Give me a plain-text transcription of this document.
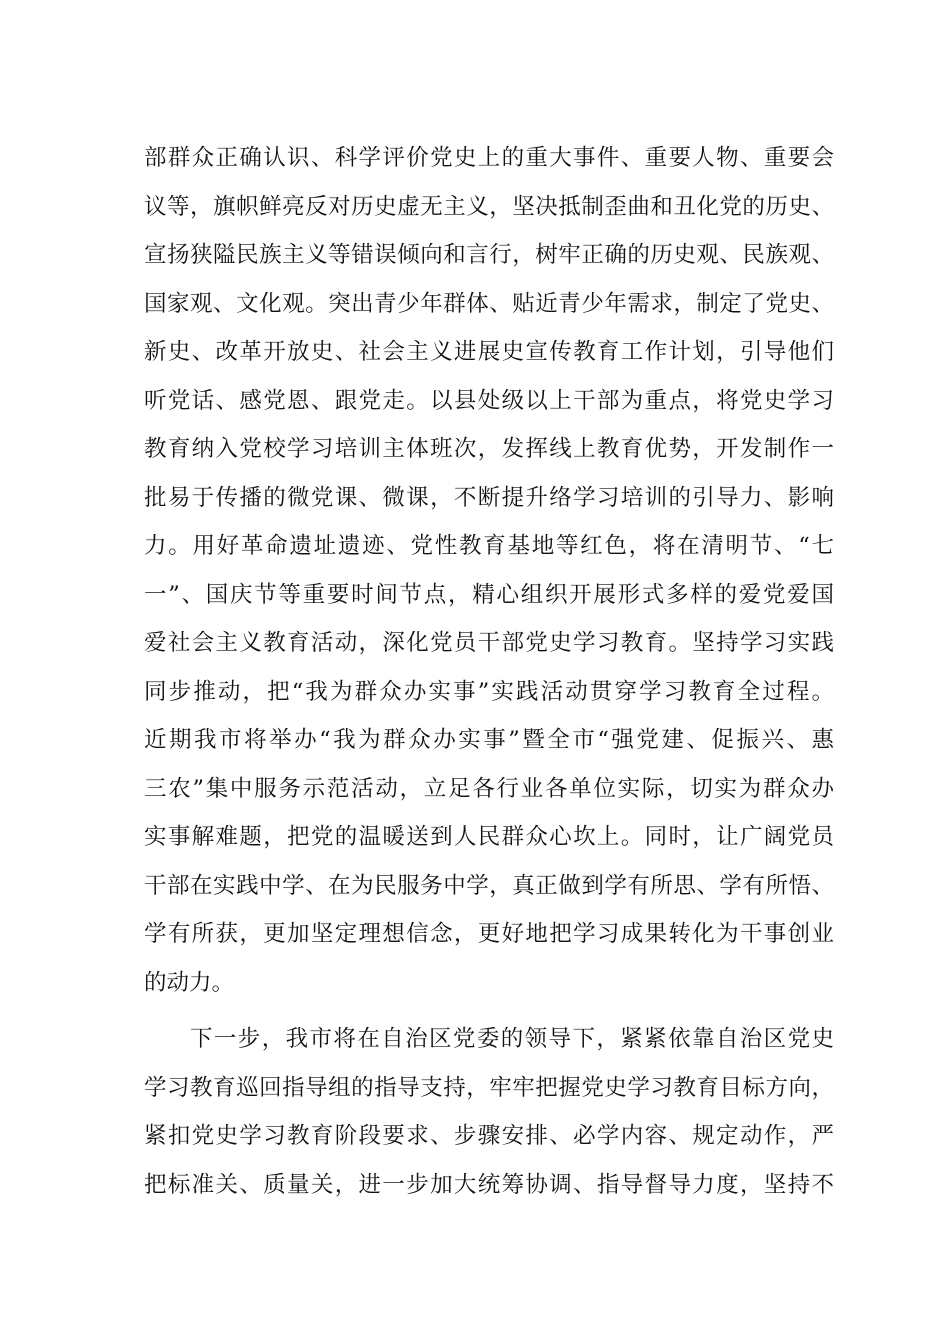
部群众正确认识、科学评价党史上的重大事件、重要人物、重要会
议等，旗帜鲜亮反对历史虚无主义，坚决抵制歪曲和丑化党的历史、
宣扬狭隘民族主义等错误倾向和言行，树牢正确的历史观、民族观、
国家观、文化观。突出青少年群体、贴近青少年需求，制定了党史、
新史、改革开放史、社会主义进展史宣传教育工作计划，引导他们
听党话、感党恩、跟党走。以县处级以上干部为重点，将党史学习
教育纳入党校学习培训主体班次，发挥线上教育优势，开发制作一
批易于传播的微党课、微课，不断提升络学习培训的引导力、影响
力。用好革命遗址遗迹、党性教育基地等红色，将在清明节、“七
一”、国庆节等重要时间节点，精心组织开展形式多样的爱党爱国
爱社会主义教育活动，深化党员干部党史学习教育。坚持学习实践
同步推动，把“我为群众办实事”实践活动贯穿学习教育全过程。
近期我市将举办“我为群众办实事”暨全市“强党建、促振兴、惠
三农”集中服务示范活动，立足各行业各单位实际，切实为群众办
实事解难题，把党的温暖送到人民群众心坎上。同时，让广阔党员
干部在实践中学、在为民服务中学，真正做到学有所思、学有所悟、
学有所获，更加坚定理想信念，更好地把学习成果转化为干事创业
的动力。
下一步，我市将在自治区党委的领导下，紧紧依靠自治区党史
学习教育巡回指导组的指导支持，牢牢把握党史学习教育目标方向，
紧扣党史学习教育阶段要求、步骤安排、必学内容、规定动作，严
把标准关、质量关，进一步加大统筹协调、指导督导力度，坚持不
